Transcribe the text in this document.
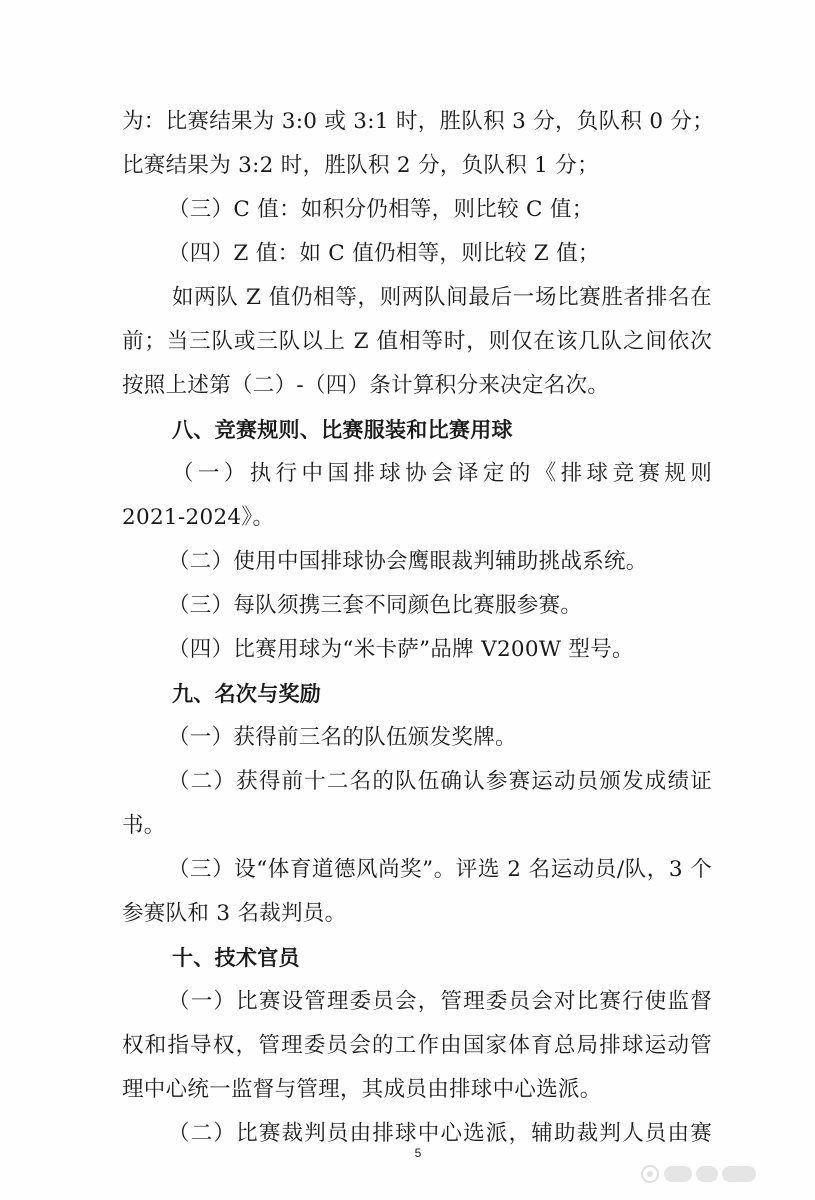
为：比赛结果为 3:0 或 3:1 时，胜队积 3 分，负队积 0 分；
比赛结果为 3:2 时，胜队积 2 分，负队积 1 分；
（三）C 值：如积分仍相等，则比较 C 值；
（四）Z 值：如 C 值仍相等，则比较 Z 值；
如两队 Z 值仍相等，则两队间最后一场比赛胜者排名在
前；当三队或三队以上 Z 值相等时，则仅在该几队之间依次
按照上述第（二）-（四）条计算积分来决定名次。
八、竞赛规则、比赛服装和比赛用球
（一）执行中国排球协会译定的《排球竞赛规则
2021-2024》。
（二）使用中国排球协会鹰眼裁判辅助挑战系统。
（三）每队须携三套不同颜色比赛服参赛。
（四）比赛用球为“米卡萨”品牌 V200W 型号。
九、名次与奖励
（一）获得前三名的队伍颁发奖牌。
（二）获得前十二名的队伍确认参赛运动员颁发成绩证
书。
（三）设“体育道德风尚奖”。评选 2 名运动员/队，3 个
参赛队和 3 名裁判员。
十、技术官员
（一）比赛设管理委员会，管理委员会对比赛行使监督
权和指导权，管理委员会的工作由国家体育总局排球运动管
理中心统一监督与管理，其成员由排球中心选派。
（二）比赛裁判员由排球中心选派，辅助裁判人员由赛
5
